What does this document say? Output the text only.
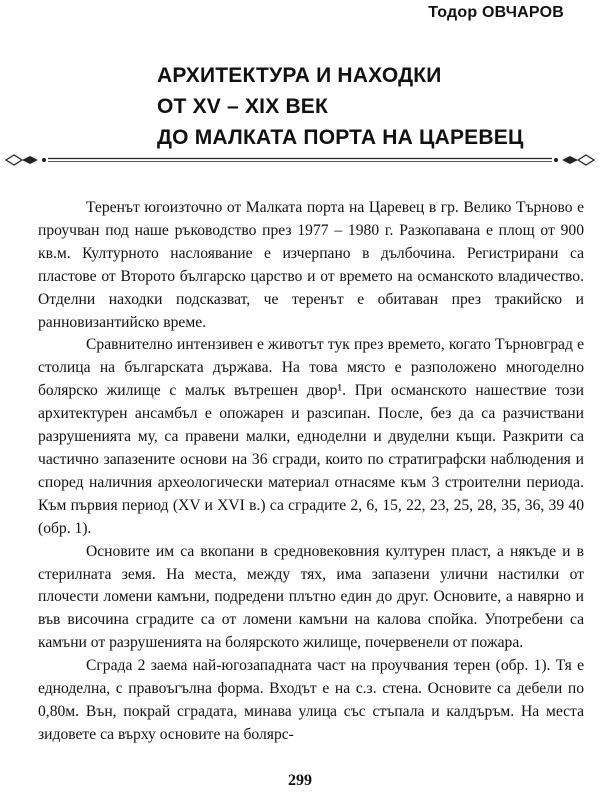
Тодор ОВЧАРОВ
АРХИТЕКТУРА И НАХОДКИ
ОТ XV – XIX ВЕК
ДО МАЛКАТА ПОРТА НА ЦАРЕВЕЦ

Теренът югоизточно от Малката порта на Царевец в гр. Велико Търново е проучван под наше ръководство през 1977 – 1980 г. Разкопавана е площ от 900 кв.м. Културното наслоявание е изчерпано в дълбочина. Регистрирани са пластове от Второто българско царство и от времето на османското владичество. Отделни находки подсказват, че теренът е обитаван през тракийско и ранновизантийско време.

Сравнително интензивен е животът тук през времето, когато Търновград е столица на българската държава. На това място е разположено многоделно болярско жилище с малък вътрешен двор¹. При османското нашествие този архитектурен ансамбъл е опожарен и разсипан. После, без да са разчиствани разрушенията му, са правени малки, едноделни и двуделни къщи. Разкрити са частично запазените основи на 36 сгради, които по стратиграфски наблюдения и според наличния археологически материал отнасяме към 3 строителни периода. Към първия период (XV и XVI в.) са сградите 2, 6, 15, 22, 23, 25, 28, 35, 36, 39 40 (обр. 1).

Основите им са вкопани в средновековния културен пласт, а някъде и в стерилната земя. На места, между тях, има запазени улични настилки от плочести ломени камъни, подредени плътно един до друг. Основите, а навярно и във височина сградите са от ломени камъни на калова спойка. Употребени са камъни от разрушенията на болярското жилище, почервенели от пожара.

Сграда 2 заема най-югозападната част на проучвания терен (обр. 1). Тя е едноделна, с правоъгълна форма. Входът е на с.з. стена. Основите са дебели по 0,80м. Вън, покрай сградата, минава улица със стъпала и калдъръм. На места зидовете са върху основите на болярс-

299
